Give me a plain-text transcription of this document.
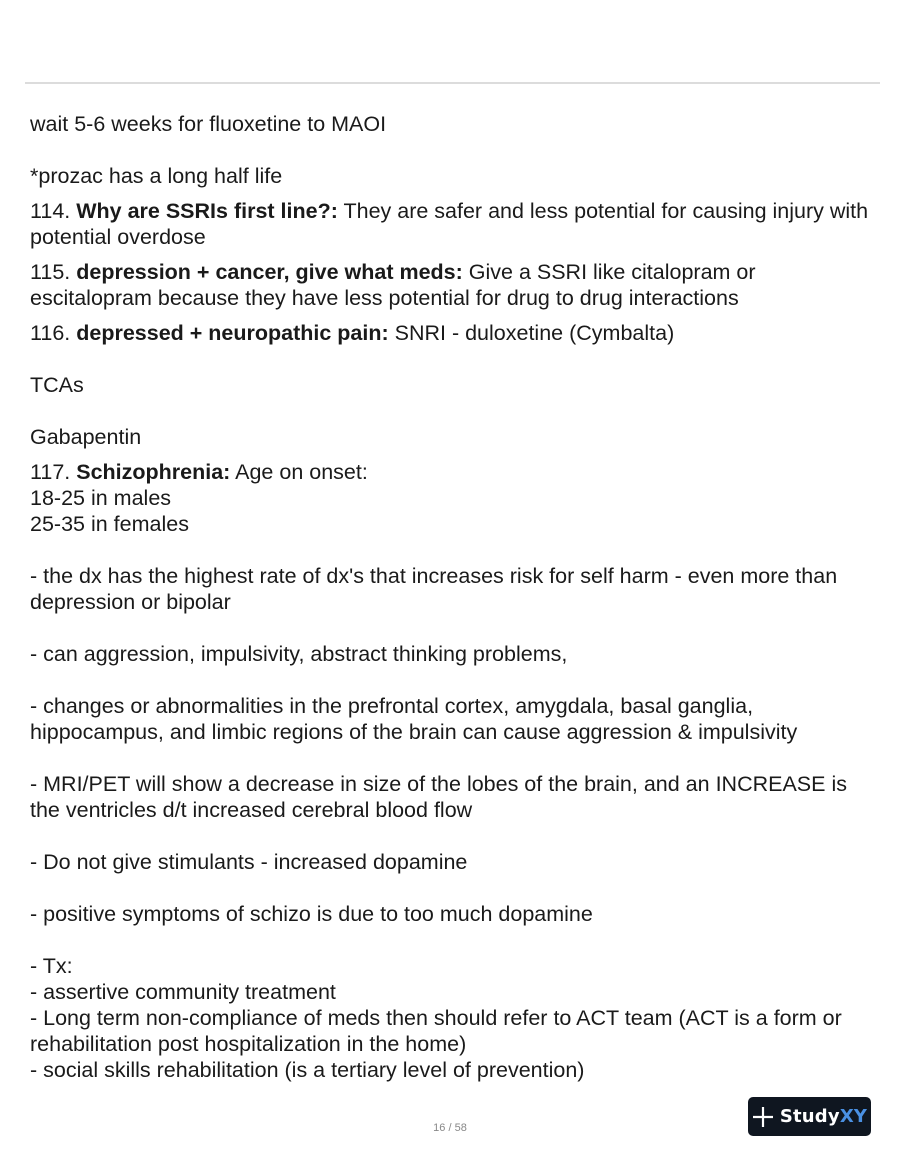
wait 5-6 weeks for fluoxetine to MAOI

*prozac has a long half life

114. Why are SSRIs first line?: They are safer and less potential for causing injury with potential overdose

115. depression + cancer, give what meds: Give a SSRI like citalopram or escitalopram because they have less potential for drug to drug interactions

116. depressed + neuropathic pain: SNRI - duloxetine (Cymbalta)

TCAs

Gabapentin

117. Schizophrenia: Age on onset:

18-25 in males

25-35 in females

- the dx has the highest rate of dx's that increases risk for self harm - even more than depression or bipolar

- can aggression, impulsivity, abstract thinking problems,

- changes or abnormalities in the prefrontal cortex, amygdala, basal ganglia, hippocampus, and limbic regions of the brain can cause aggression & impulsivity

- MRI/PET will show a decrease in size of the lobes of the brain, and an INCREASE is the ventricles d/t increased cerebral blood flow

- Do not give stimulants - increased dopamine

- positive symptoms of schizo is due to too much dopamine

- Tx:

- assertive community treatment

- Long term non-compliance of meds then should refer to ACT team (ACT is a form or rehabilitation post hospitalization in the home)

- social skills rehabilitation (is a tertiary level of prevention)

16 / 58
StudyXY
